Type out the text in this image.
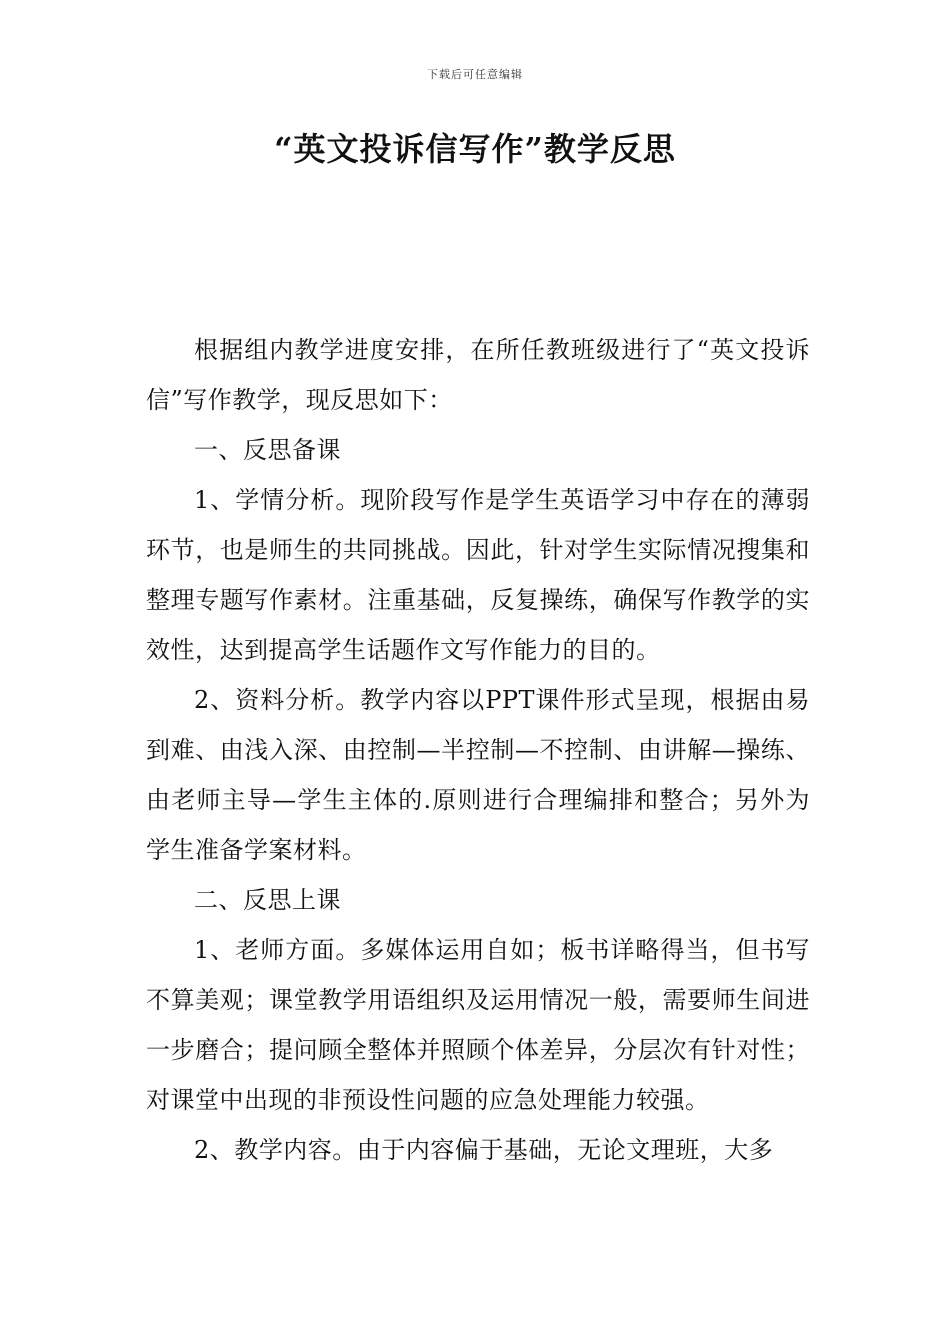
下载后可任意编辑
“英文投诉信写作”教学反思

根据组内教学进度安排，在所任教班级进行了“英文投诉信”写作教学，现反思如下：

一、反思备课

1、学情分析。现阶段写作是学生英语学习中存在的薄弱环节，也是师生的共同挑战。因此，针对学生实际情况搜集和整理专题写作素材。注重基础，反复操练，确保写作教学的实效性，达到提高学生话题作文写作能力的目的。

2、资料分析。教学内容以PPT课件形式呈现，根据由易到难、由浅入深、由控制—半控制—不控制、由讲解—操练、由老师主导—学生主体的.原则进行合理编排和整合；另外为学生准备学案材料。

二、反思上课

1、老师方面。多媒体运用自如；板书详略得当，但书写不算美观；课堂教学用语组织及运用情况一般，需要师生间进一步磨合；提问顾全整体并照顾个体差异，分层次有针对性；对课堂中出现的非预设性问题的应急处理能力较强。

2、教学内容。由于内容偏于基础，无论文理班，大多
